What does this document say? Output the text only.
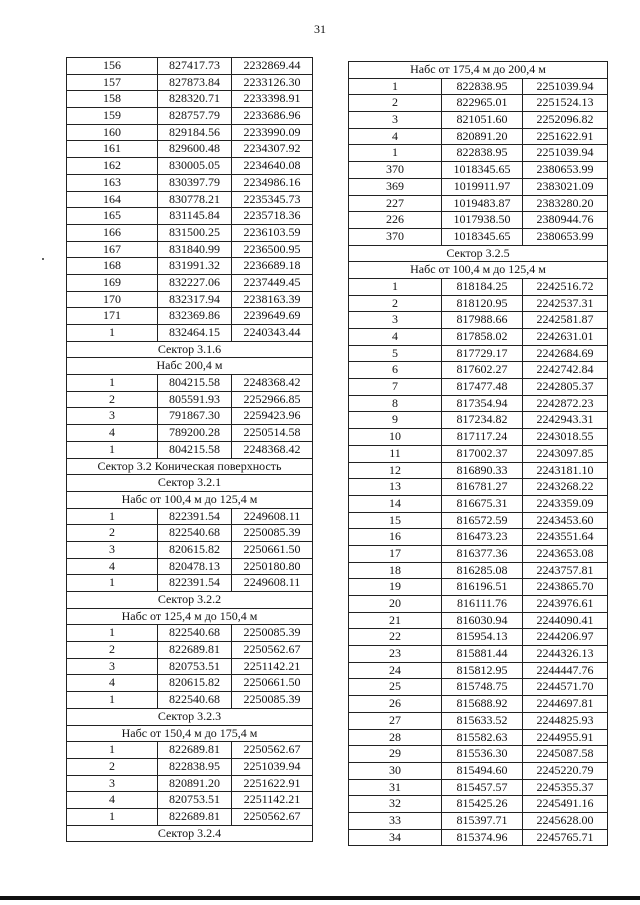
31
156	827417.73	2232869.44
157	827873.84	2233126.30
158	828320.71	2233398.91
159	828757.79	2233686.96
160	829184.56	2233990.09
161	829600.48	2234307.92
162	830005.05	2234640.08
163	830397.79	2234986.16
164	830778.21	2235345.73
165	831145.84	2235718.36
166	831500.25	2236103.59
167	831840.99	2236500.95
168	831991.32	2236689.18
169	832227.06	2237449.45
170	832317.94	2238163.39
171	832369.86	2239649.69
1	832464.15	2240343.44
Сектор 3.1.6
Набс 200,4 м
1	804215.58	2248368.42
2	805591.93	2252966.85
3	791867.30	2259423.96
4	789200.28	2250514.58
1	804215.58	2248368.42
Сектор 3.2 Коническая поверхность
Сектор 3.2.1
Набс от 100,4 м до 125,4 м
1	822391.54	2249608.11
2	822540.68	2250085.39
3	820615.82	2250661.50
4	820478.13	2250180.80
1	822391.54	2249608.11
Сектор 3.2.2
Набс от 125,4 м до 150,4 м
1	822540.68	2250085.39
2	822689.81	2250562.67
3	820753.51	2251142.21
4	820615.82	2250661.50
1	822540.68	2250085.39
Сектор 3.2.3
Набс от 150,4 м до 175,4 м
1	822689.81	2250562.67
2	822838.95	2251039.94
3	820891.20	2251622.91
4	820753.51	2251142.21
1	822689.81	2250562.67
Сектор 3.2.4
Набс от 175,4 м до 200,4 м
1	822838.95	2251039.94
2	822965.01	2251524.13
3	821051.60	2252096.82
4	820891.20	2251622.91
1	822838.95	2251039.94
370	1018345.65	2380653.99
369	1019911.97	2383021.09
227	1019483.87	2383280.20
226	1017938.50	2380944.76
370	1018345.65	2380653.99
Сектор 3.2.5
Набс от 100,4 м до 125,4 м
1	818184.25	2242516.72
2	818120.95	2242537.31
3	817988.66	2242581.87
4	817858.02	2242631.01
5	817729.17	2242684.69
6	817602.27	2242742.84
7	817477.48	2242805.37
8	817354.94	2242872.23
9	817234.82	2242943.31
10	817117.24	2243018.55
11	817002.37	2243097.85
12	816890.33	2243181.10
13	816781.27	2243268.22
14	816675.31	2243359.09
15	816572.59	2243453.60
16	816473.23	2243551.64
17	816377.36	2243653.08
18	816285.08	2243757.81
19	816196.51	2243865.70
20	816111.76	2243976.61
21	816030.94	2244090.41
22	815954.13	2244206.97
23	815881.44	2244326.13
24	815812.95	2244447.76
25	815748.75	2244571.70
26	815688.92	2244697.81
27	815633.52	2244825.93
28	815582.63	2244955.91
29	815536.30	2245087.58
30	815494.60	2245220.79
31	815457.57	2245355.37
32	815425.26	2245491.16
33	815397.71	2245628.00
34	815374.96	2245765.71
